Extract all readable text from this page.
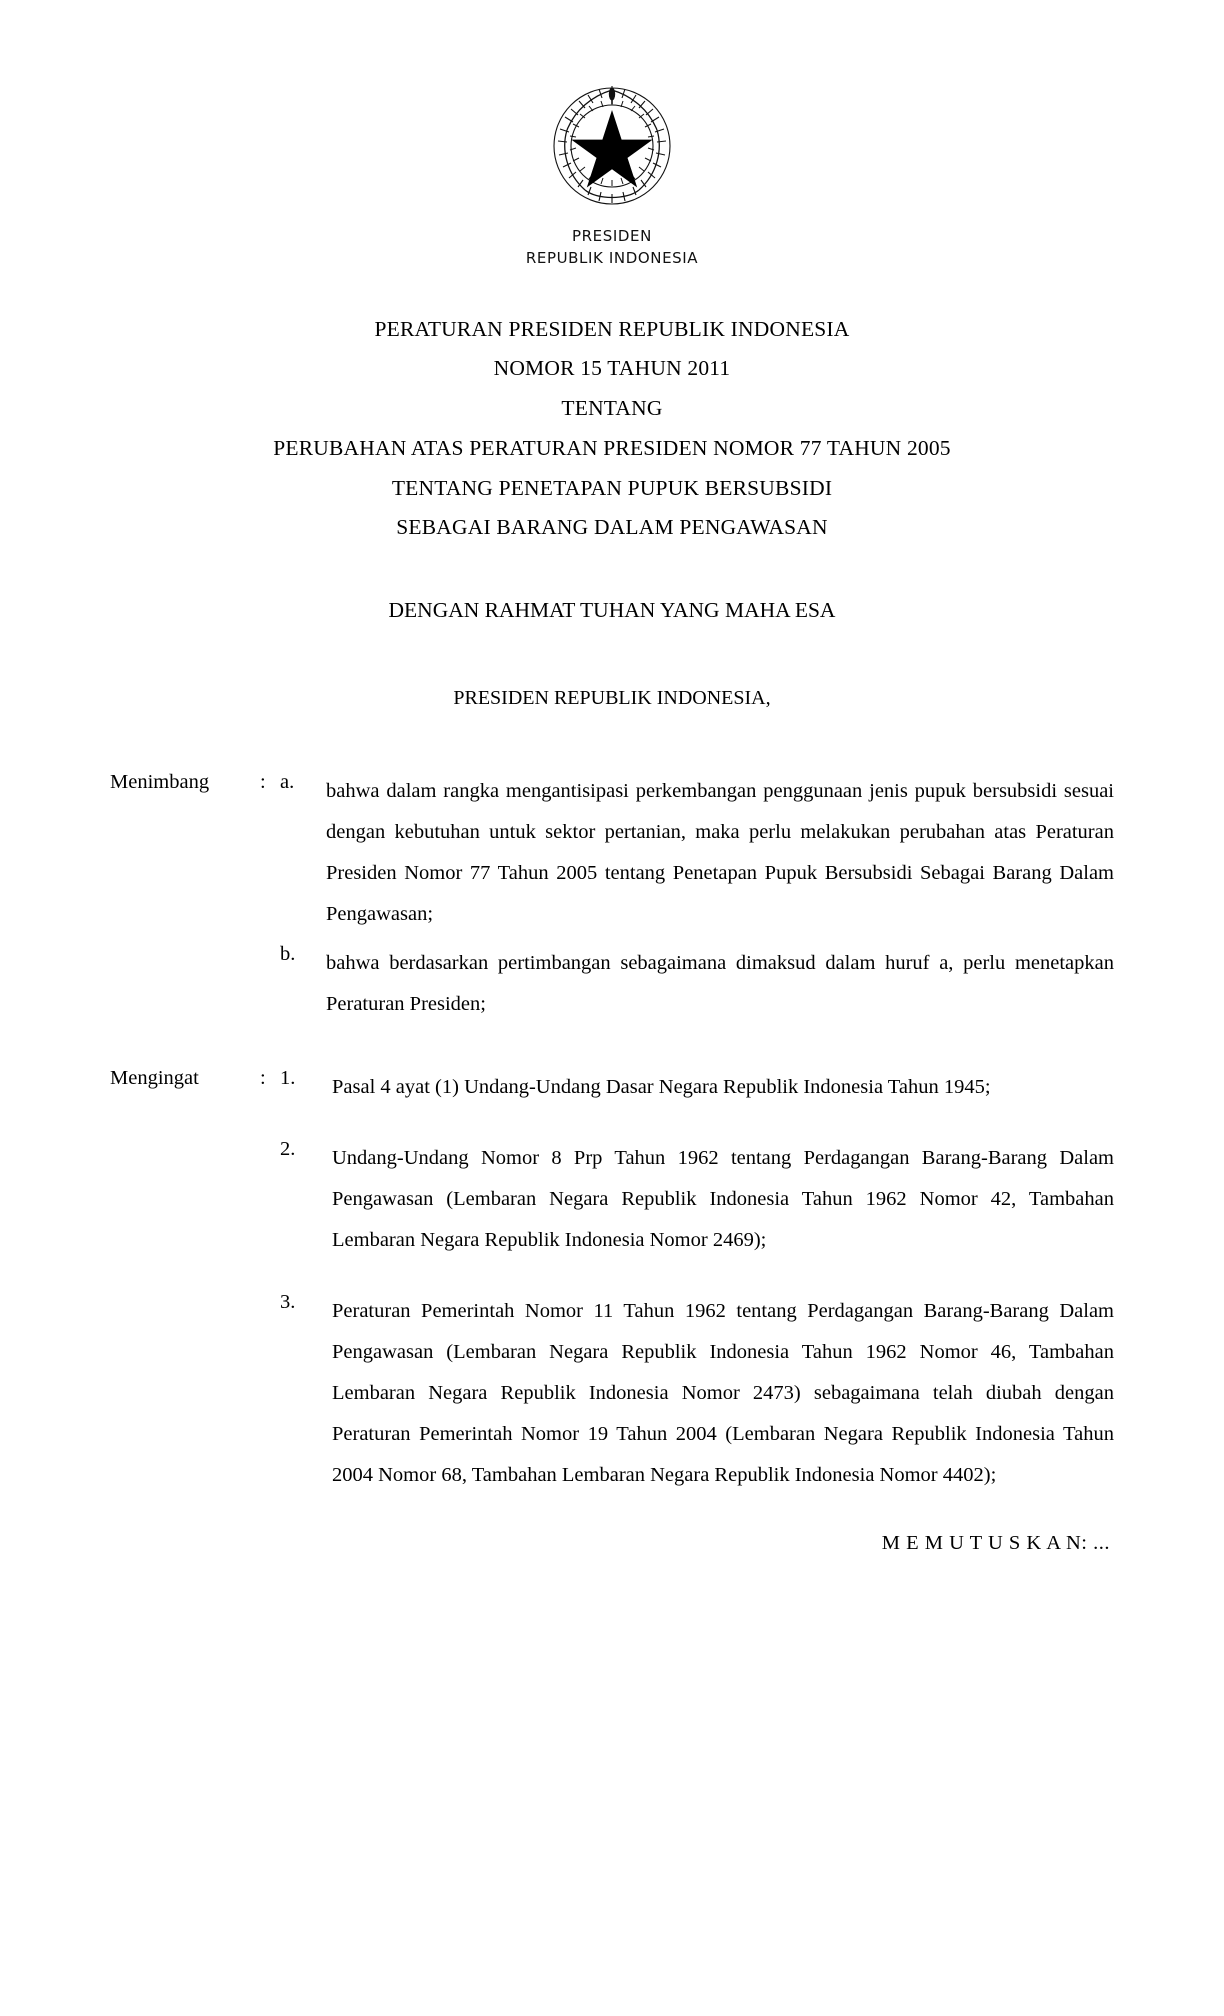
PRESIDEN
REPUBLIK INDONESIA
PERATURAN PRESIDEN REPUBLIK INDONESIA
NOMOR 15 TAHUN 2011
TENTANG
PERUBAHAN ATAS PERATURAN PRESIDEN NOMOR 77 TAHUN 2005
TENTANG PENETAPAN PUPUK BERSUBSIDI
SEBAGAI BARANG DALAM PENGAWASAN
DENGAN RAHMAT TUHAN YANG MAHA ESA
PRESIDEN REPUBLIK INDONESIA,
Menimbang	: a.	bahwa dalam rangka mengantisipasi perkembangan penggunaan jenis pupuk bersubsidi sesuai dengan kebutuhan untuk sektor pertanian, maka perlu melakukan perubahan atas Peraturan Presiden Nomor 77 Tahun 2005 tentang Penetapan Pupuk Bersubsidi Sebagai Barang Dalam Pengawasan;
b.	bahwa berdasarkan pertimbangan sebagaimana dimaksud dalam huruf a, perlu menetapkan Peraturan Presiden;
Mengingat	: 1.	Pasal 4 ayat (1) Undang-Undang Dasar Negara Republik Indonesia Tahun 1945;
2.	Undang-Undang Nomor 8 Prp Tahun 1962 tentang Perdagangan Barang-Barang Dalam Pengawasan (Lembaran Negara Republik Indonesia Tahun 1962 Nomor 42, Tambahan Lembaran Negara Republik Indonesia Nomor 2469);
3.	Peraturan Pemerintah Nomor 11 Tahun 1962 tentang Perdagangan Barang-Barang Dalam Pengawasan (Lembaran Negara Republik Indonesia Tahun 1962 Nomor 46, Tambahan Lembaran Negara Republik Indonesia Nomor 2473) sebagaimana telah diubah dengan Peraturan Pemerintah Nomor 19 Tahun 2004 (Lembaran Negara Republik Indonesia Tahun 2004 Nomor 68, Tambahan Lembaran Negara Republik Indonesia Nomor 4402);
M E M U T U S K A N: ...
